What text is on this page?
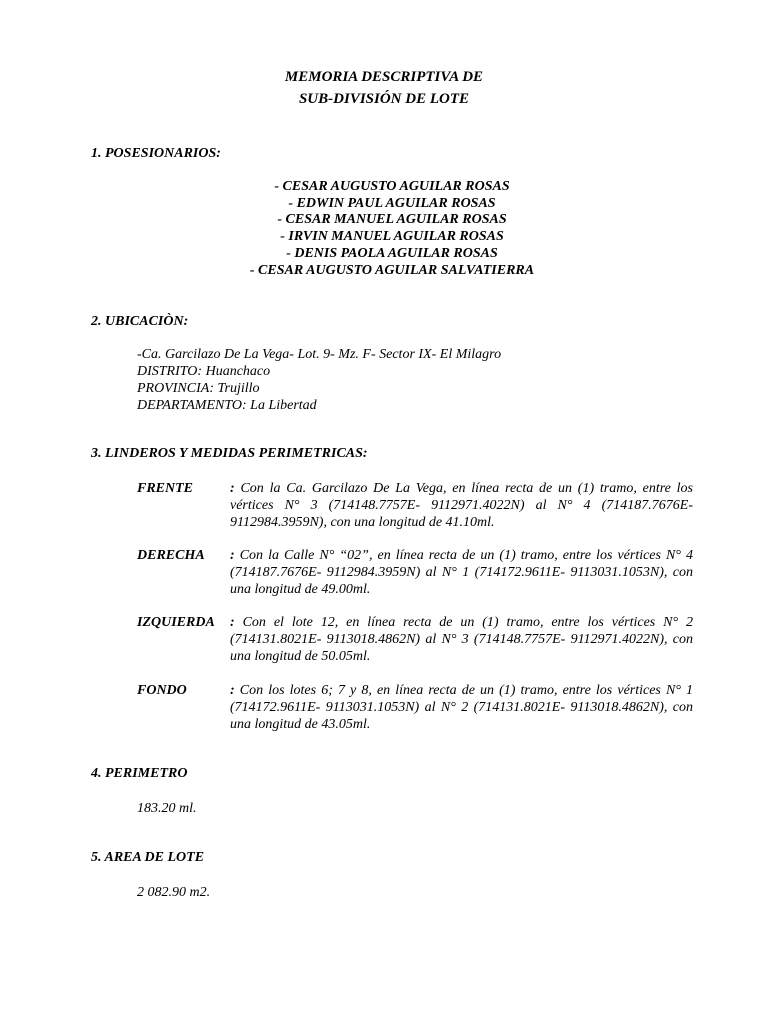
MEMORIA DESCRIPTIVA DE
SUB-DIVISIÓN DE LOTE
1. POSESIONARIOS:
- CESAR AUGUSTO AGUILAR ROSAS
- EDWIN PAUL AGUILAR ROSAS
- CESAR MANUEL AGUILAR ROSAS
- IRVIN MANUEL AGUILAR ROSAS
- DENIS PAOLA AGUILAR ROSAS
- CESAR AUGUSTO AGUILAR SALVATIERRA
2. UBICACIÒN:
-Ca. Garcilazo De La Vega- Lot. 9- Mz. F- Sector IX- El Milagro
DISTRITO: Huanchaco
PROVINCIA: Trujillo
DEPARTAMENTO: La Libertad
3. LINDEROS Y MEDIDAS PERIMETRICAS:
FRENTE	: Con la Ca. Garcilazo De La Vega, en línea recta de un (1) tramo, entre los vértices N° 3 (714148.7757E- 9112971.4022N) al N° 4 (714187.7676E- 9112984.3959N), con una longitud de 41.10ml.
DERECHA : Con la Calle N° “02”, en línea recta de un (1) tramo, entre los vértices N° 4 (714187.7676E- 9112984.3959N) al N° 1 (714172.9611E- 9113031.1053N), con una longitud de 49.00ml.
IZQUIERDA : Con el lote 12, en línea recta de un (1) tramo, entre los vértices N° 2 (714131.8021E- 9113018.4862N) al N° 3 (714148.7757E- 9112971.4022N), con una longitud de 50.05ml.
FONDO	: Con los lotes 6; 7 y 8, en línea recta de un (1) tramo, entre los vértices N° 1 (714172.9611E- 9113031.1053N) al N° 2 (714131.8021E- 9113018.4862N), con una longitud de 43.05ml.
4. PERIMETRO
183.20 ml.
5. AREA DE LOTE
2 082.90 m2.
